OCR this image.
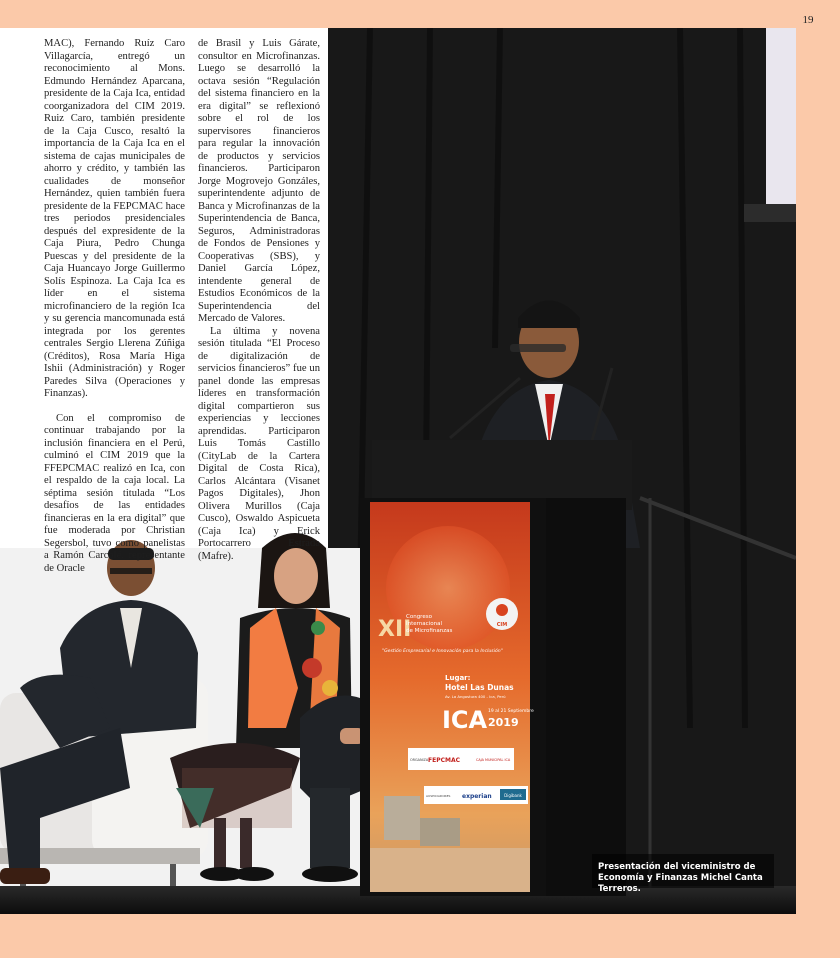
19
XII
Congreso
Internacional
de Microfinanzas
"Gestión Empresarial e Innovación para la Inclusión"
Lugar:
Hotel Las Dunas
Av. La Angostura 400 - Ica, Perú
ICA 19 al 21 Septiembre
2019
CIM
ORGANIZA FEPCMAC	CAJA MUNICIPAL ICA
AUSPICIADORES experian	Digibank

MAC), Fernando Ruíz Caro Villagarcía, entregó un reconocimiento al Mons. Edmundo Hernández Aparcana, presidente de la Caja Ica, entidad coorganizadora del CIM 2019. Ruiz Caro, también presidente de la Caja Cusco, resaltó la importancia de la Caja Ica en el sistema de cajas municipales de ahorro y crédito, y también las cualidades de monseñor Hernández, quien también fuera presidente de la FEPCMAC hace tres periodos presidenciales después del expresidente de la Caja Piura, Pedro Chunga Puescas y del presidente de la Caja Huancayo Jorge Guillermo Solís Espinoza. La Caja Ica es líder en el sistema microfinanciero de la región Ica y su gerencia mancomunada está integrada por los gerentes centrales Sergio Llerena Zúñiga (Créditos), Rosa María Higa Ishii (Administración) y Roger Paredes Silva (Operaciones y Finanzas).

Con el compromiso de continuar trabajando por la inclusión financiera en el Perú, culminó el CIM 2019 que la FFEPCMAC realizó en Ica, con el respaldo de la caja local. La séptima sesión titulada “Los desafíos de las entidades financieras en la era digital” que fue moderada por Christian Segersbol, tuvo como panelistas a Ramón Carcolé, representante de Oracle

de Brasil y Luis Gárate, consultor en Microfinanzas. Luego se desarrolló la octava sesión “Regulación del sistema financiero en la era digital” se reflexionó sobre el rol de los supervisores financieros para regular la innovación de productos y servicios financieros. Participaron Jorge Mogrovejo Gonzáles, superintendente adjunto de Banca y Microfinanzas de la Superintendencia de Banca, Seguros, Administradoras de Fondos de Pensiones y Cooperativas (SBS), y Daniel García López, intendente general de Estudios Económicos de la Superintendencia del Mercado de Valores.

La última y novena sesión titulada “El Proceso de digitalización de servicios financieros” fue un panel donde las empresas líderes en transformación digital compartieron sus experiencias y lecciones aprendidas. Participaron Luis Tomás Castillo (CityLab de la Cartera Digital de Costa Rica), Carlos Alcántara (Visanet Pagos Digitales), Jhon Olivera Murillos (Caja Cusco), Oswaldo Aspicueta (Caja Ica) y Erick Portocarrero Estrada (Mafre).

Presentación del viceministro de Economía y Finanzas Michel Canta Terreros.
